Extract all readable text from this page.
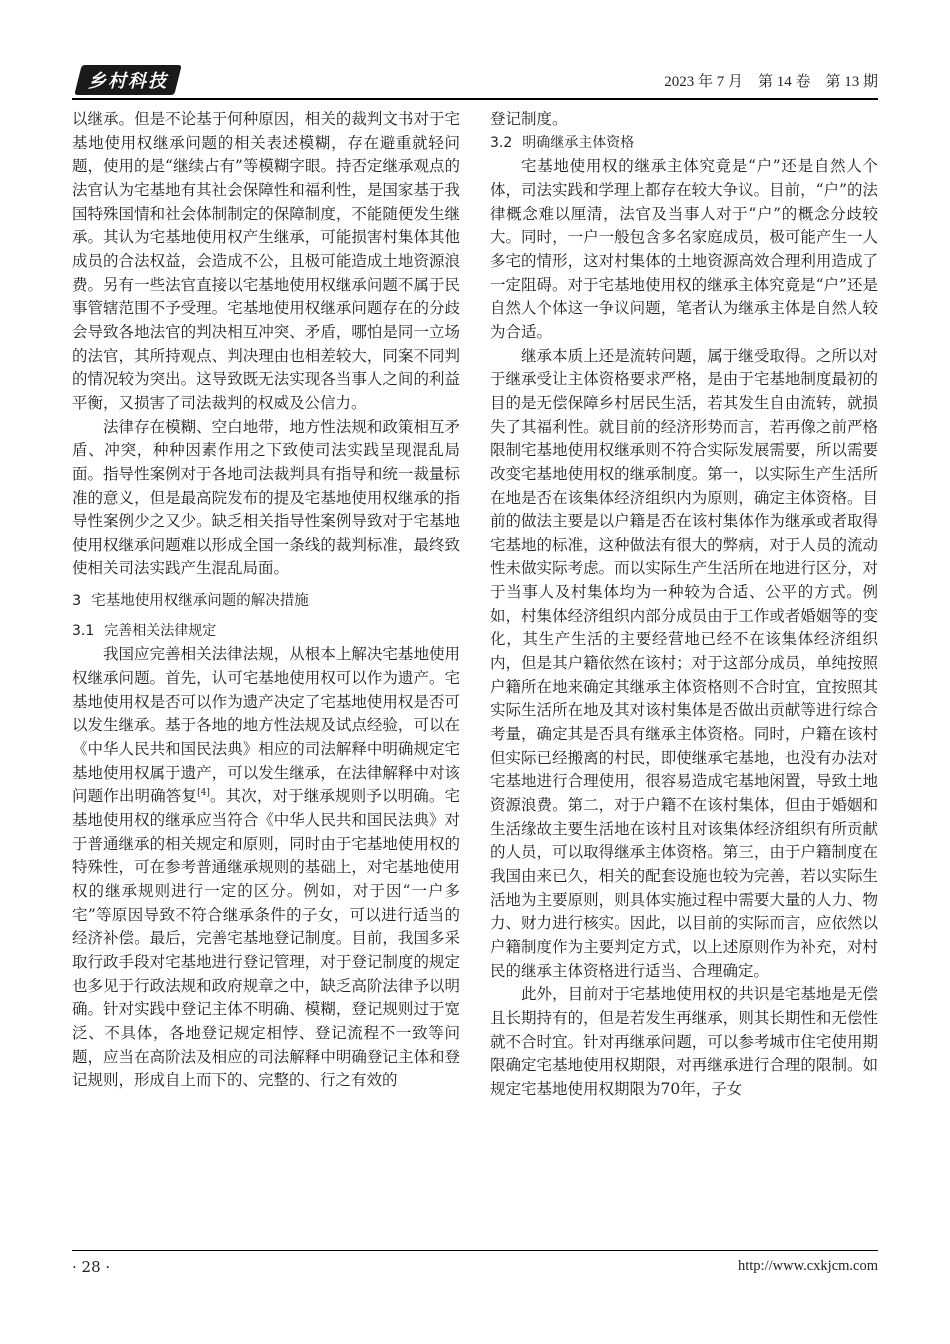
乡村科技	2023 年 7 月　第 14 卷　第 13 期

以继承。但是不论基于何种原因，相关的裁判文书对于宅基地使用权继承问题的相关表述模糊，存在避重就轻问题，使用的是“继续占有”等模糊字眼。持否定继承观点的法官认为宅基地有其社会保障性和福利性，是国家基于我国特殊国情和社会体制制定的保障制度，不能随便发生继承。其认为宅基地使用权产生继承，可能损害村集体其他成员的合法权益，会造成不公，且极可能造成土地资源浪费。另有一些法官直接以宅基地使用权继承问题不属于民事管辖范围不予受理。宅基地使用权继承问题存在的分歧会导致各地法官的判决相互冲突、矛盾，哪怕是同一立场的法官，其所持观点、判决理由也相差较大，同案不同判的情况较为突出。这导致既无法实现各当事人之间的利益平衡，又损害了司法裁判的权威及公信力。

法律存在模糊、空白地带，地方性法规和政策相互矛盾、冲突，种种因素作用之下致使司法实践呈现混乱局面。指导性案例对于各地司法裁判具有指导和统一裁量标准的意义，但是最高院发布的提及宅基地使用权继承的指导性案例少之又少。缺乏相关指导性案例导致对于宅基地使用权继承问题难以形成全国一条线的裁判标准，最终致使相关司法实践产生混乱局面。

3 宅基地使用权继承问题的解决措施
3.1 完善相关法律规定

我国应完善相关法律法规，从根本上解决宅基地使用权继承问题。首先，认可宅基地使用权可以作为遗产。宅基地使用权是否可以作为遗产决定了宅基地使用权是否可以发生继承。基于各地的地方性法规及试点经验，可以在《中华人民共和国民法典》相应的司法解释中明确规定宅基地使用权属于遗产，可以发生继承，在法律解释中对该问题作出明确答复[4]。其次，对于继承规则予以明确。宅基地使用权的继承应当符合《中华人民共和国民法典》对于普通继承的相关规定和原则，同时由于宅基地使用权的特殊性，可在参考普通继承规则的基础上，对宅基地使用权的继承规则进行一定的区分。例如，对于因“一户多宅”等原因导致不符合继承条件的子女，可以进行适当的经济补偿。最后，完善宅基地登记制度。目前，我国多采取行政手段对宅基地进行登记管理，对于登记制度的规定也多见于行政法规和政府规章之中，缺乏高阶法律予以明确。针对实践中登记主体不明确、模糊，登记规则过于宽泛、不具体，各地登记规定相悖、登记流程不一致等问题，应当在高阶法及相应的司法解释中明确登记主体和登记规则，形成自上而下的、完整的、行之有效的

登记制度。

3.2 明确继承主体资格

宅基地使用权的继承主体究竟是“户”还是自然人个体，司法实践和学理上都存在较大争议。目前，“户”的法律概念难以厘清，法官及当事人对于“户”的概念分歧较大。同时，一户一般包含多名家庭成员，极可能产生一人多宅的情形，这对村集体的土地资源高效合理利用造成了一定阻碍。对于宅基地使用权的继承主体究竟是“户”还是自然人个体这一争议问题，笔者认为继承主体是自然人较为合适。

继承本质上还是流转问题，属于继受取得。之所以对于继承受让主体资格要求严格，是由于宅基地制度最初的目的是无偿保障乡村居民生活，若其发生自由流转，就损失了其福利性。就目前的经济形势而言，若再像之前严格限制宅基地使用权继承则不符合实际发展需要，所以需要改变宅基地使用权的继承制度。第一，以实际生产生活所在地是否在该集体经济组织内为原则，确定主体资格。目前的做法主要是以户籍是否在该村集体作为继承或者取得宅基地的标准，这种做法有很大的弊病，对于人员的流动性未做实际考虑。而以实际生产生活所在地进行区分，对于当事人及村集体均为一种较为合适、公平的方式。例如，村集体经济组织内部分成员由于工作或者婚姻等的变化，其生产生活的主要经营地已经不在该集体经济组织内，但是其户籍依然在该村；对于这部分成员，单纯按照户籍所在地来确定其继承主体资格则不合时宜，宜按照其实际生活所在地及其对该村集体是否做出贡献等进行综合考量，确定其是否具有继承主体资格。同时，户籍在该村但实际已经搬离的村民，即使继承宅基地，也没有办法对宅基地进行合理使用，很容易造成宅基地闲置，导致土地资源浪费。第二，对于户籍不在该村集体，但由于婚姻和生活缘故主要生活地在该村且对该集体经济组织有所贡献的人员，可以取得继承主体资格。第三，由于户籍制度在我国由来已久，相关的配套设施也较为完善，若以实际生活地为主要原则，则具体实施过程中需要大量的人力、物力、财力进行核实。因此，以目前的实际而言，应依然以户籍制度作为主要判定方式，以上述原则作为补充，对村民的继承主体资格进行适当、合理确定。

此外，目前对于宅基地使用权的共识是宅基地是无偿且长期持有的，但是若发生再继承，则其长期性和无偿性就不合时宜。针对再继承问题，可以参考城市住宅使用期限确定宅基地使用权期限，对再继承进行合理的限制。如规定宅基地使用权期限为70年，子女

· 28 ·	http://www.cxkjcm.com
